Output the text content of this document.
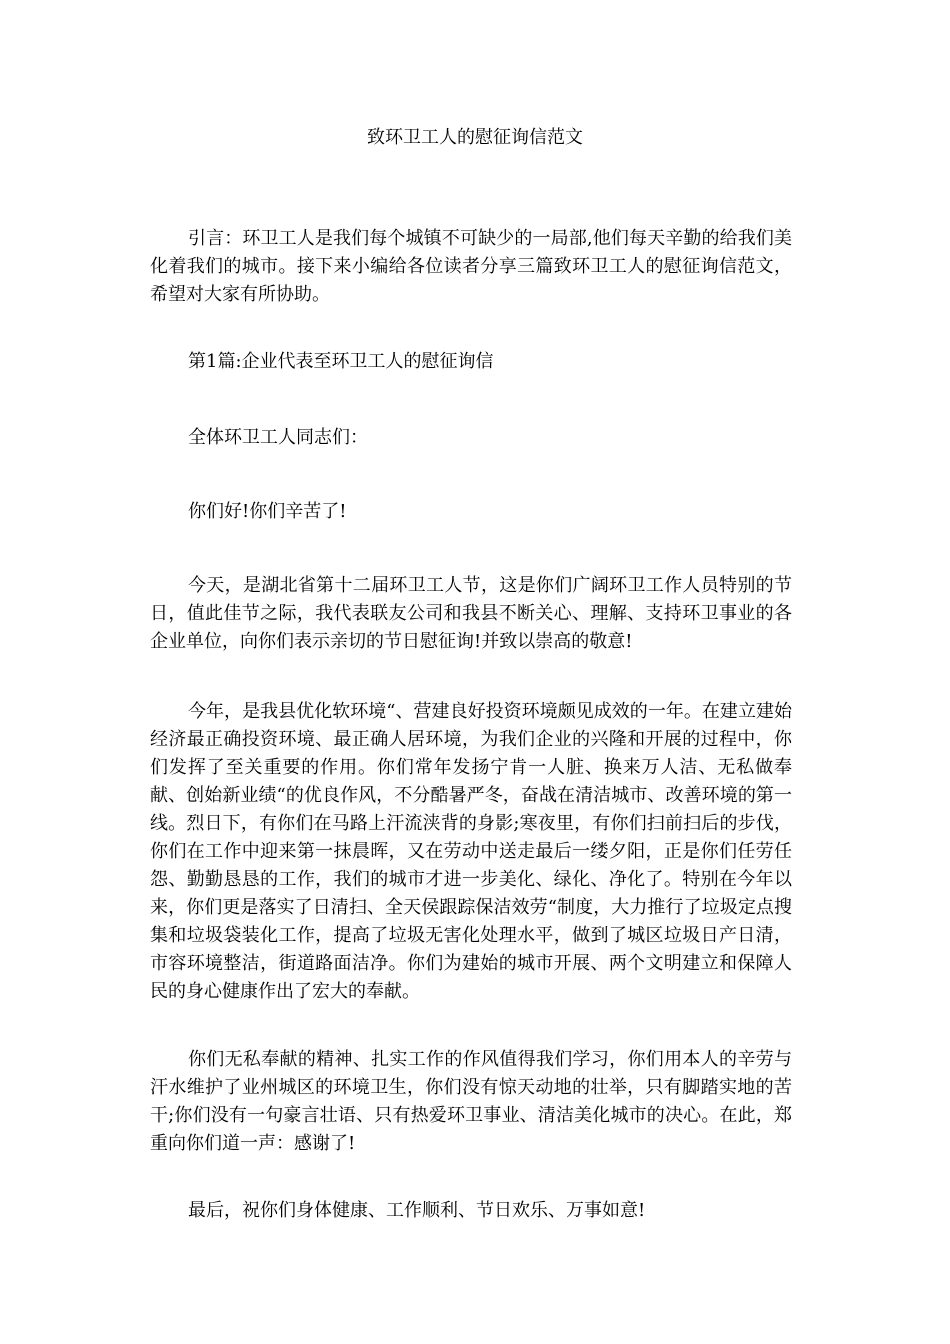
致环卫工人的慰征询信范文

引言：环卫工人是我们每个城镇不可缺少的一局部,他们每天辛勤的给我们美化着我们的城市。接下来小编给各位读者分享三篇致环卫工人的慰征询信范文，希望对大家有所协助。

第1篇:企业代表至环卫工人的慰征询信

全体环卫工人同志们：

你们好!你们辛苦了!

今天，是湖北省第十二届环卫工人节，这是你们广阔环卫工作人员特别的节日，值此佳节之际，我代表联友公司和我县不断关心、理解、支持环卫事业的各企业单位，向你们表示亲切的节日慰征询!并致以崇高的敬意!

今年，是我县优化软环境“、营建良好投资环境颇见成效的一年。在建立建始经济最正确投资环境、最正确人居环境，为我们企业的兴隆和开展的过程中，你们发挥了至关重要的作用。你们常年发扬宁肯一人脏、换来万人洁、无私做奉献、创始新业绩“的优良作风，不分酷暑严冬，奋战在清洁城市、改善环境的第一线。烈日下，有你们在马路上汗流浃背的身影;寒夜里，有你们扫前扫后的步伐，你们在工作中迎来第一抹晨晖，又在劳动中送走最后一缕夕阳，正是你们任劳任怨、勤勤恳恳的工作，我们的城市才进一步美化、绿化、净化了。特别在今年以来，你们更是落实了日清扫、全天侯跟踪保洁效劳“制度，大力推行了垃圾定点搜集和垃圾袋装化工作，提高了垃圾无害化处理水平，做到了城区垃圾日产日清，市容环境整洁，街道路面洁净。你们为建始的城市开展、两个文明建立和保障人民的身心健康作出了宏大的奉献。

你们无私奉献的精神、扎实工作的作风值得我们学习，你们用本人的辛劳与汗水维护了业州城区的环境卫生，你们没有惊天动地的壮举，只有脚踏实地的苦干;你们没有一句豪言壮语、只有热爱环卫事业、清洁美化城市的决心。在此，郑重向你们道一声：感谢了!

最后，祝你们身体健康、工作顺利、节日欢乐、万事如意!
